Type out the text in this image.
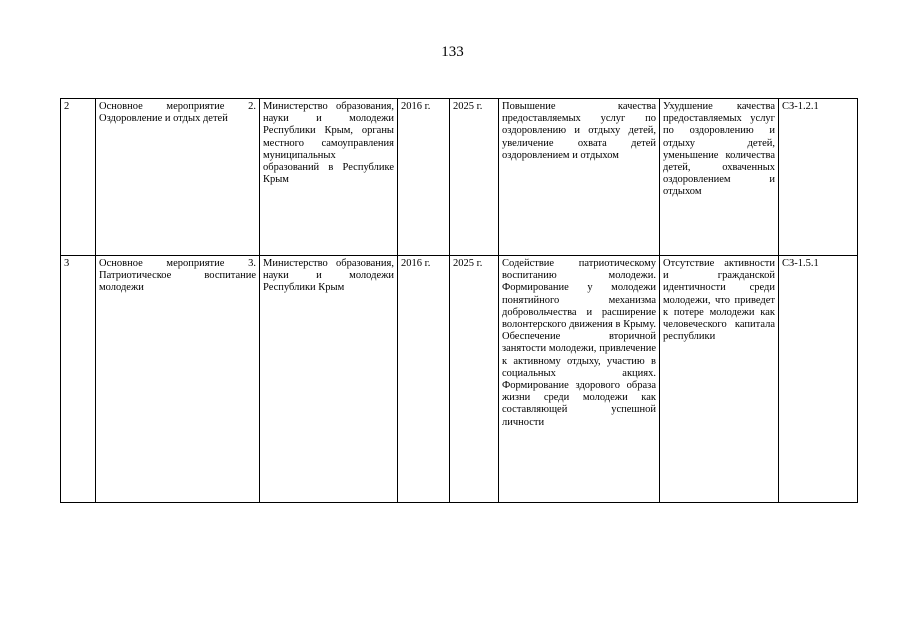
133
2	Основное мероприятие 2. Оздоровление и отдых детей	Министерство образования, науки и молодежи Республики Крым, органы местного самоуправления муниципальных образований в Республике Крым	2016 г.	2025 г.	Повышение качества предоставляемых услуг по оздоровлению и отдыху детей, увеличение охвата детей оздоровлением и отдыхом	Ухудшение качества предоставляемых услуг по оздоровлению и отдыху детей, уменьшение количества детей, охваченных оздоровлением и отдыхом	СЗ-1.2.1
3	Основное мероприятие 3. Патриотическое воспитание молодежи	Министерство образования, науки и молодежи Республики Крым	2016 г.	2025 г.	Содействие патриотическому воспитанию молодежи. Формирование у молодежи понятийного механизма добровольчества и расширение волонтерского движения в Крыму. Обеспечение вторичной занятости молодежи, привлечение к активному отдыху, участию в социальных акциях. Формирование здорового образа жизни среди молодежи как составляющей успешной личности	Отсутствие активности и гражданской идентичности среди молодежи, что приведет к потере молодежи как человеческого капитала республики	СЗ-1.5.1
